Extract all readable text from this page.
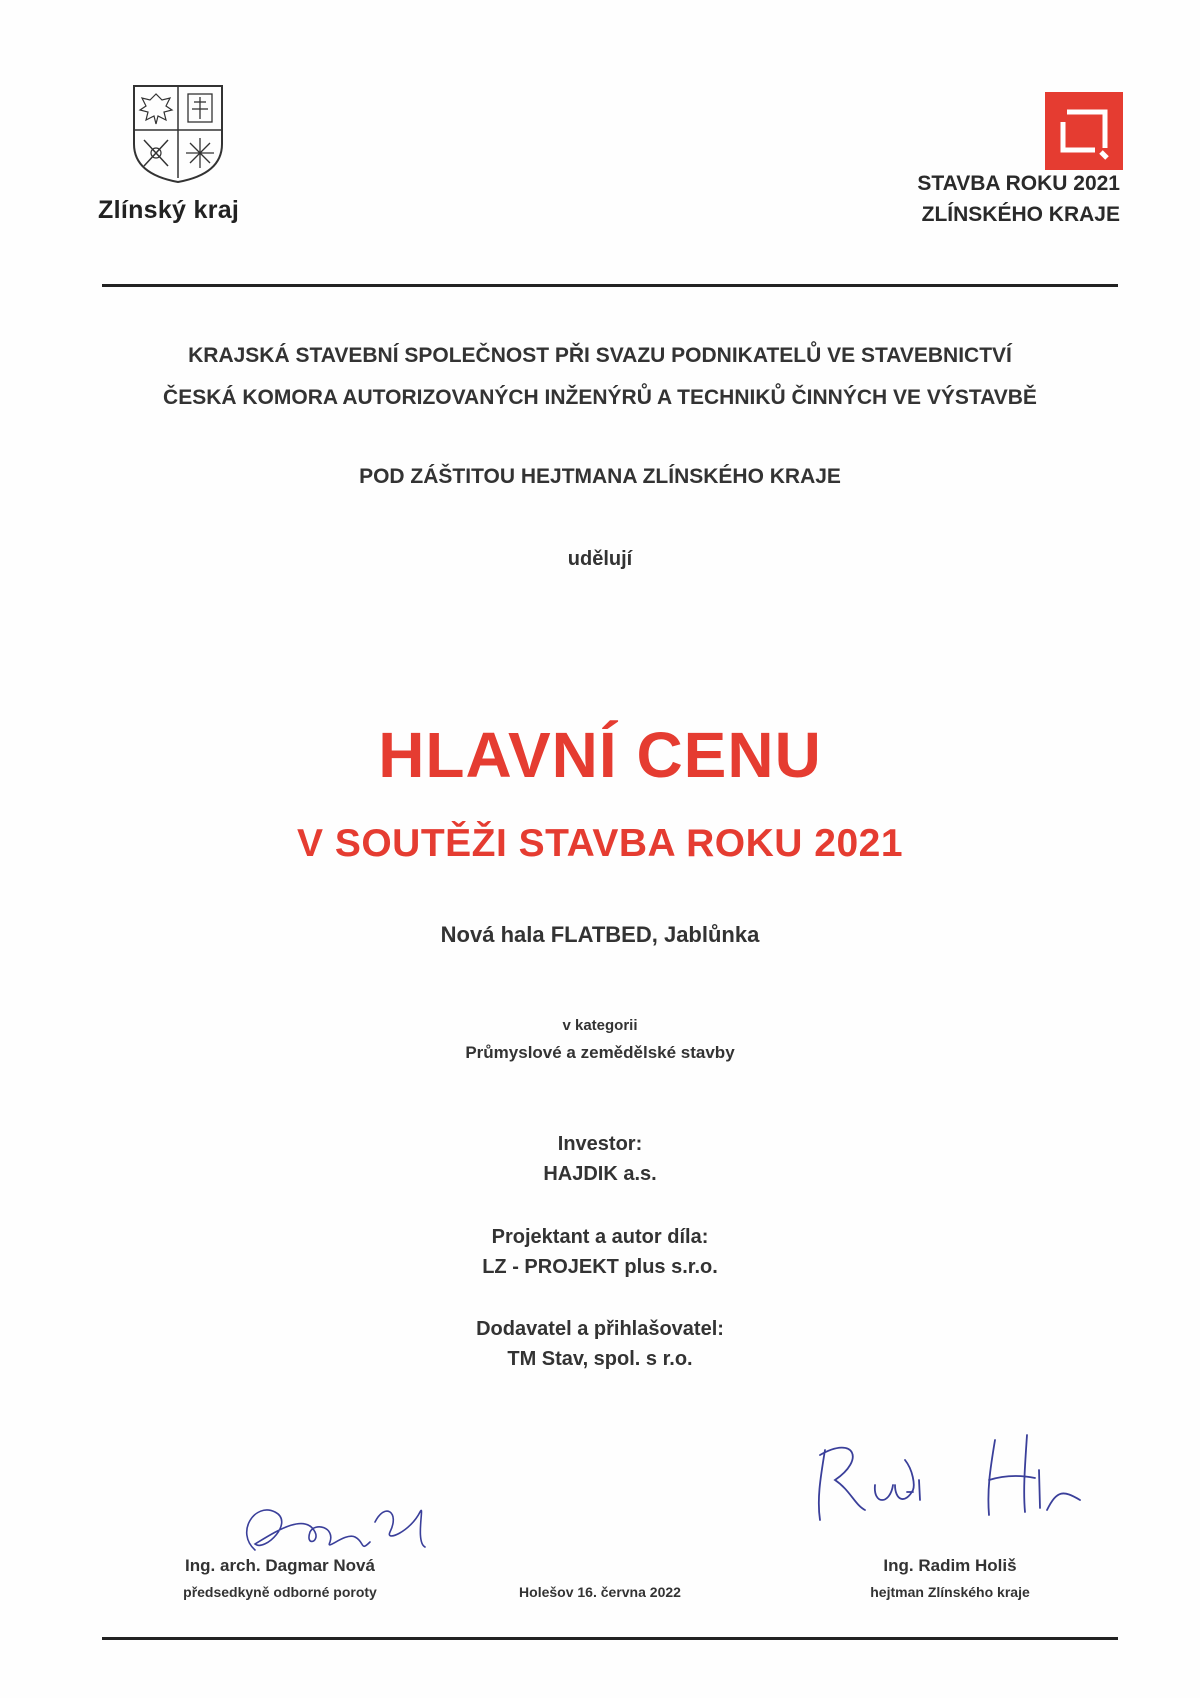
Zlínský kraj
STAVBA ROKU 2021
ZLÍNSKÉHO KRAJE
KRAJSKÁ STAVEBNÍ SPOLEČNOST PŘI SVAZU PODNIKATELŮ VE STAVEBNICTVÍ
ČESKÁ KOMORA AUTORIZOVANÝCH INŽENÝRŮ A TECHNIKŮ ČINNÝCH VE VÝSTAVBĚ
POD ZÁŠTITOU HEJTMANA ZLÍNSKÉHO KRAJE
udělují
HLAVNÍ CENU
V SOUTĚŽI STAVBA ROKU 2021
Nová hala FLATBED, Jablůnka
v kategorii
Průmyslové a zemědělské stavby
Investor:
HAJDIK a.s.
Projektant a autor díla:
LZ - PROJEKT plus s.r.o.
Dodavatel a přihlašovatel:
TM Stav, spol. s r.o.
Ing. arch. Dagmar Nová
předsedkyně odborné poroty	Holešov 16. června 2022
Ing. Radim Holiš
hejtman Zlínského kraje
